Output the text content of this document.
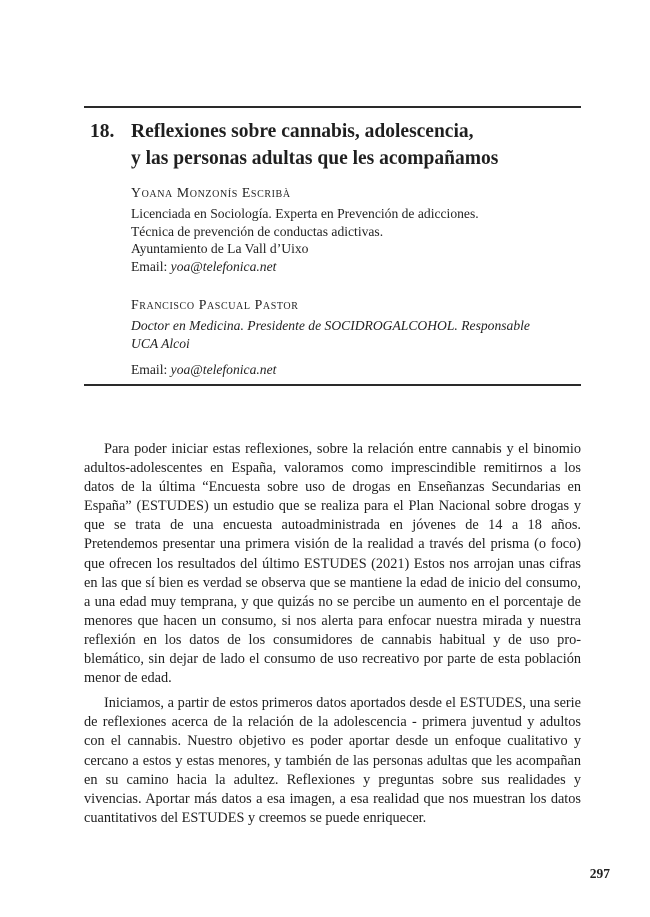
18. Reflexiones sobre cannabis, adolescencia,
y las personas adultas que les acompañamos
Yoana Monzonís Escribà
Licenciada en Sociología. Experta en Prevención de adicciones.
Técnica de prevención de conductas adictivas.
Ayuntamiento de La Vall d’Uixo
Email: yoa@telefonica.net
Francisco Pascual Pastor
Doctor en Medicina. Presidente de SOCIDROGALCOHOL. Responsable
UCA Alcoi
Email: yoa@telefonica.net

Para poder iniciar estas reflexiones, sobre la relación entre cannabis y el binomio adultos-adolescentes en España, valoramos como imprescindible remitirnos a los datos de la última “Encuesta sobre uso de drogas en Enseñanzas Secundarias en España” (ESTUDES) un estudio que se realiza para el Plan Nacional sobre drogas y que se trata de una encuesta autoadministrada en jóvenes de 14 a 18 años. Pretendemos presentar una primera visión de la realidad a través del prisma (o foco) que ofrecen los resultados del último ESTUDES (2021) Estos nos arrojan unas cifras en las que sí bien es verdad se observa que se mantiene la edad de inicio del consumo, a una edad muy temprana, y que quizás no se percibe un aumento en el porcentaje de menores que hacen un consumo, si nos alerta para enfocar nuestra mirada y nuestra reflexión en los datos de los consumidores de cannabis habitual y de uso problemático, sin dejar de lado el consumo de uso recreativo por parte de esta población menor de edad.

Iniciamos, a partir de estos primeros datos aportados desde el ESTUDES, una serie de reflexiones acerca de la relación de la adolescencia - primera juventud y adultos con el cannabis. Nuestro objetivo es poder aportar desde un enfoque cualitativo y cercano a estos y estas menores, y también de las personas adultas que les acompañan en su camino hacia la adultez. Reflexiones y preguntas sobre sus realidades y vivencias. Aportar más datos a esa imagen, a esa realidad que nos muestran los datos cuantitativos del ESTUDES y creemos se puede enriquecer.

297
